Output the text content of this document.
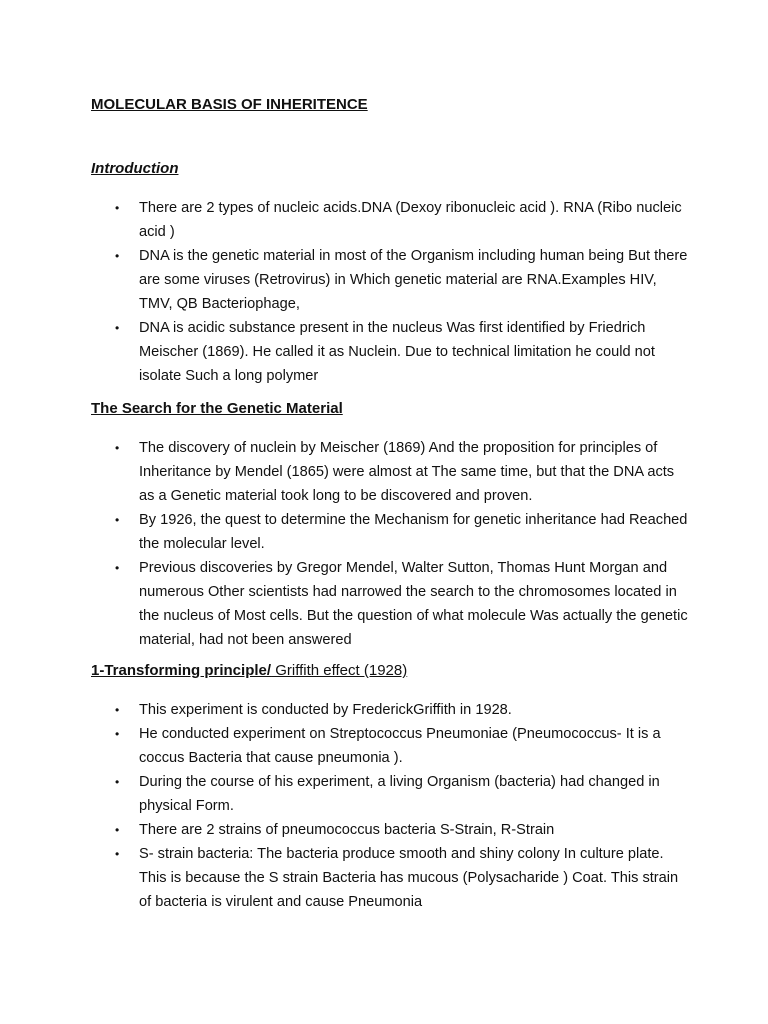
MOLECULAR BASIS OF INHERITENCE
Introduction
• There are 2 types of nucleic acids.DNA (Dexoy ribonucleic acid ). RNA (Ribo nucleic acid )
• DNA is the genetic material in most of the Organism including human being But there are some viruses (Retrovirus) in Which genetic material are RNA.Examples HIV, TMV, QB Bacteriophage,
• DNA is acidic substance present in the nucleus Was first identified by Friedrich Meischer (1869). He called it as Nuclein. Due to technical limitation he could not isolate Such a long polymer
The Search for the Genetic Material
• The discovery of nuclein by Meischer (1869) And the proposition for principles of Inheritance by Mendel (1865) were almost at The same time, but that the DNA acts as a Genetic material took long to be discovered and proven.
• By 1926, the quest to determine the Mechanism for genetic inheritance had Reached the molecular level.
• Previous discoveries by Gregor Mendel, Walter Sutton, Thomas Hunt Morgan and numerous Other scientists had narrowed the search to the chromosomes located in the nucleus of Most cells. But the question of what molecule Was actually the genetic material, had not been answered
1-Transforming principle/ Griffith effect (1928)
• This experiment is conducted by FrederickGriffith in 1928.
• He conducted experiment on Streptococcus Pneumoniae (Pneumococcus- It is a coccus Bacteria that cause pneumonia ).
• During the course of his experiment, a living Organism (bacteria) had changed in physical Form.
• There are 2 strains of pneumococcus bacteria S-Strain, R-Strain
• S- strain bacteria: The bacteria produce smooth and shiny colony In culture plate. This is because the S strain Bacteria has mucous (Polysacharide ) Coat. This strain of bacteria is virulent and cause Pneumonia
